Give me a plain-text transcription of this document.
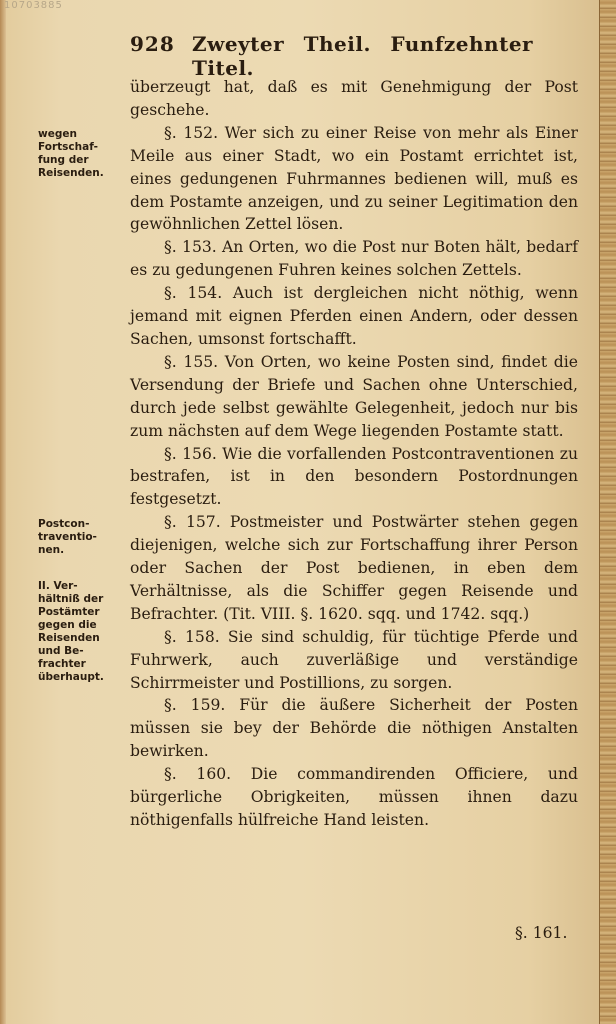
10703885
928 Zweyter Theil. Funfzehnter Titel.
wegen
Fortschaf-
fung der
Reisenden.
Postcon-
traventio-
nen.
II. Ver-
hältniß der
Postämter
gegen die
Reisenden
und Be-
frachter
überhaupt.

überzeugt hat, daß es mit Genehmigung der Post geschehe.

§. 152. Wer sich zu einer Reise von mehr als Einer Meile aus einer Stadt, wo ein Postamt errichtet ist, eines gedungenen Fuhrmannes bedienen will, muß es dem Postamte anzeigen, und zu seiner Legitimation den gewöhnlichen Zettel lösen.

§. 153. An Orten, wo die Post nur Boten hält, bedarf es zu gedungenen Fuhren keines solchen Zettels.

§. 154. Auch ist dergleichen nicht nöthig, wenn jemand mit eignen Pferden einen Andern, oder dessen Sachen, umsonst fortschafft.

§. 155. Von Orten, wo keine Posten sind, findet die Versendung der Briefe und Sachen ohne Unterschied, durch jede selbst gewählte Gelegenheit, jedoch nur bis zum nächsten auf dem Wege liegenden Postamte statt.

§. 156. Wie die vorfallenden Postcontraventionen zu bestrafen, ist in den besondern Postordnungen festgesetzt.

§. 157. Postmeister und Postwärter stehen gegen diejenigen, welche sich zur Fortschaffung ihrer Person oder Sachen der Post bedienen, in eben dem Verhältnisse, als die Schiffer gegen Reisende und Befrachter. (Tit. VIII. §. 1620. sqq. und 1742. sqq.)

§. 158. Sie sind schuldig, für tüchtige Pferde und Fuhrwerk, auch zuverläßige und verständige Schirrmeister und Postillions, zu sorgen.

§. 159. Für die äußere Sicherheit der Posten müssen sie bey der Behörde die nöthigen Anstalten bewirken.

§. 160. Die commandirenden Officiere, und bürgerliche Obrigkeiten, müssen ihnen dazu nöthigenfalls hülfreiche Hand leisten.

§. 161.
